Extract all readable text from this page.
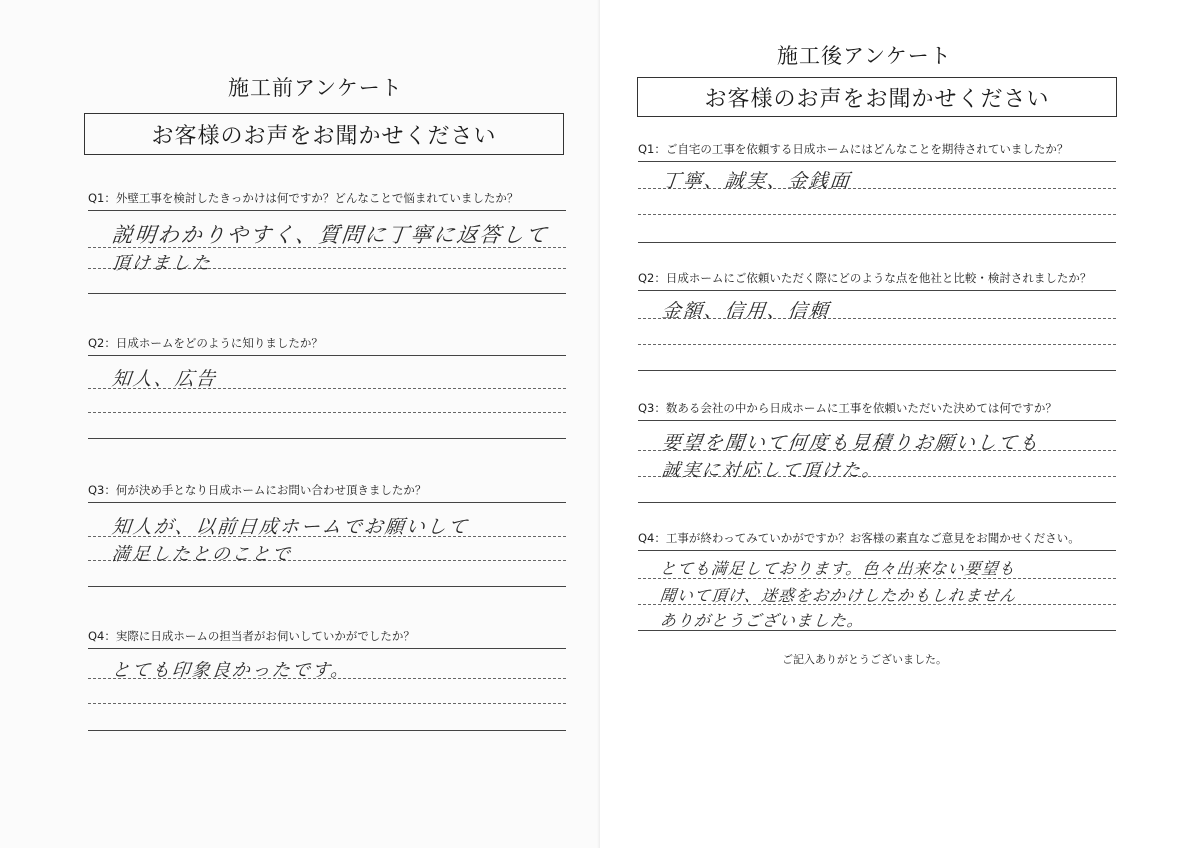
施工前アンケート
お客様のお声をお聞かせください
Q1：外壁工事を検討したきっかけは何ですか？どんなことで悩まれていましたか？
説明わかりやすく、質問に丁寧に返答して
頂けました
Q2：日成ホームをどのように知りましたか？
知人、広告
Q3：何が決め手となり日成ホームにお問い合わせ頂きましたか？
知人が、以前日成ホームでお願いして
満足したとのことで
Q4：実際に日成ホームの担当者がお伺いしていかがでしたか？
とても印象良かったです。
施工後アンケート
お客様のお声をお聞かせください
Q1：ご自宅の工事を依頼する日成ホームにはどんなことを期待されていましたか？
丁寧、誠実、金銭面
Q2：日成ホームにご依頼いただく際にどのような点を他社と比較・検討されましたか？
金額、信用、信頼
Q3：数ある会社の中から日成ホームに工事を依頼いただいた決めては何ですか？
要望を聞いて何度も見積りお願いしても
誠実に対応して頂けた。
Q4：工事が終わってみていかがですか？お客様の素直なご意見をお聞かせください。
とても満足しております。色々出来ない要望も
聞いて頂け、迷惑をおかけしたかもしれません
ありがとうございました。
ご記入ありがとうございました。
